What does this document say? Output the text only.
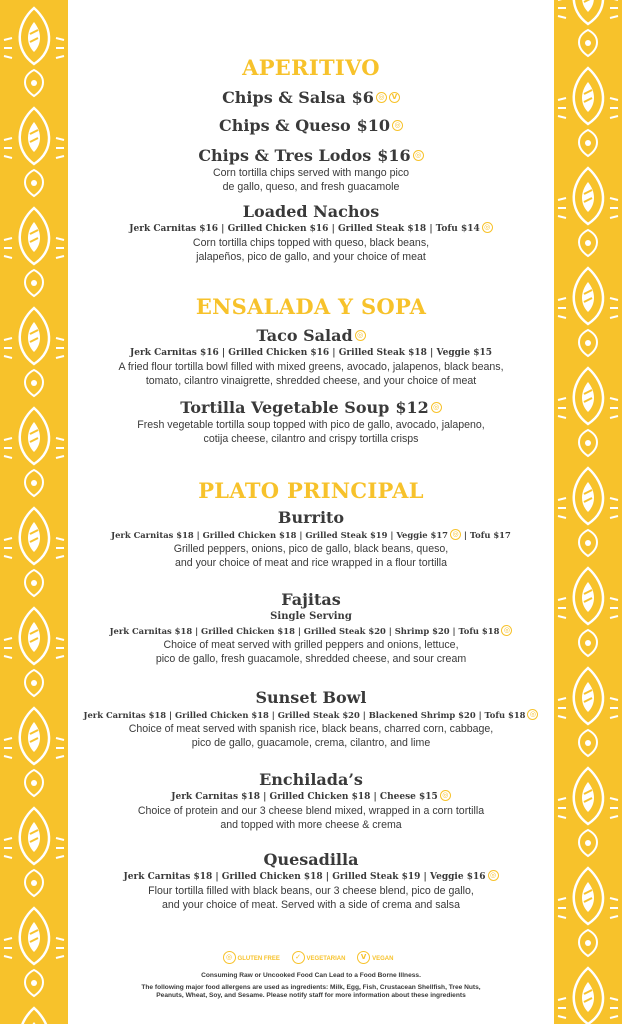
APERITIVO
Chips & Salsa $6 ◎ V
Chips & Queso $10 ◎
Chips & Tres Lodos $16 ◎
Corn tortilla chips served with mango pico
de gallo, queso, and fresh guacamole
Loaded Nachos
Jerk Carnitas $16 | Grilled Chicken $16 | Grilled Steak $18 | Tofu $14 ◎
Corn tortilla chips topped with queso, black beans,
jalapeños, pico de gallo, and your choice of meat
ENSALADA Y SOPA
Taco Salad ◎
Jerk Carnitas $16 | Grilled Chicken $16 | Grilled Steak $18 | Veggie $15
A fried flour tortilla bowl filled with mixed greens, avocado, jalapenos, black beans,
tomato, cilantro vinaigrette, shredded cheese, and your choice of meat
Tortilla Vegetable Soup $12 ◎
Fresh vegetable tortilla soup topped with pico de gallo, avocado, jalapeno,
cotija cheese, cilantro and crispy tortilla crisps
PLATO PRINCIPAL
Burrito
Jerk Carnitas $18 | Grilled Chicken $18 | Grilled Steak $19 | Veggie $17 ◎ | Tofu $17
Grilled peppers, onions, pico de gallo, black beans, queso,
and your choice of meat and rice wrapped in a flour tortilla
Fajitas
Single Serving
Jerk Carnitas $18 | Grilled Chicken $18 | Grilled Steak $20 | Shrimp $20 | Tofu $18 ◎
Choice of meat served with grilled peppers and onions, lettuce,
pico de gallo, fresh guacamole, shredded cheese, and sour cream
Sunset Bowl
Jerk Carnitas $18 | Grilled Chicken $18 | Grilled Steak $20 | Blackened Shrimp $20 | Tofu $18 ◎
Choice of meat served with spanish rice, black beans, charred corn, cabbage,
pico de gallo, guacamole, crema, cilantro, and lime
Enchilada’s
Jerk Carnitas $18 | Grilled Chicken $18 | Cheese $15 ◎
Choice of protein and our 3 cheese blend mixed, wrapped in a corn tortilla
and topped with more cheese & crema
Quesadilla
Jerk Carnitas $18 | Grilled Chicken $18 | Grilled Steak $19 | Veggie $16 ◎
Flour tortilla filled with black beans, our 3 cheese blend, pico de gallo,
and your choice of meat. Served with a side of crema and salsa
◎ GLUTEN FREE ✓ VEGETARIAN V VEGAN
Consuming Raw or Uncooked Food Can Lead to a Food Borne Illness.
The following major food allergens are used as ingredients: Milk, Egg, Fish, Crustacean Shellfish, Tree Nuts,
Peanuts, Wheat, Soy, and Sesame. Please notify staff for more information about these ingredients
